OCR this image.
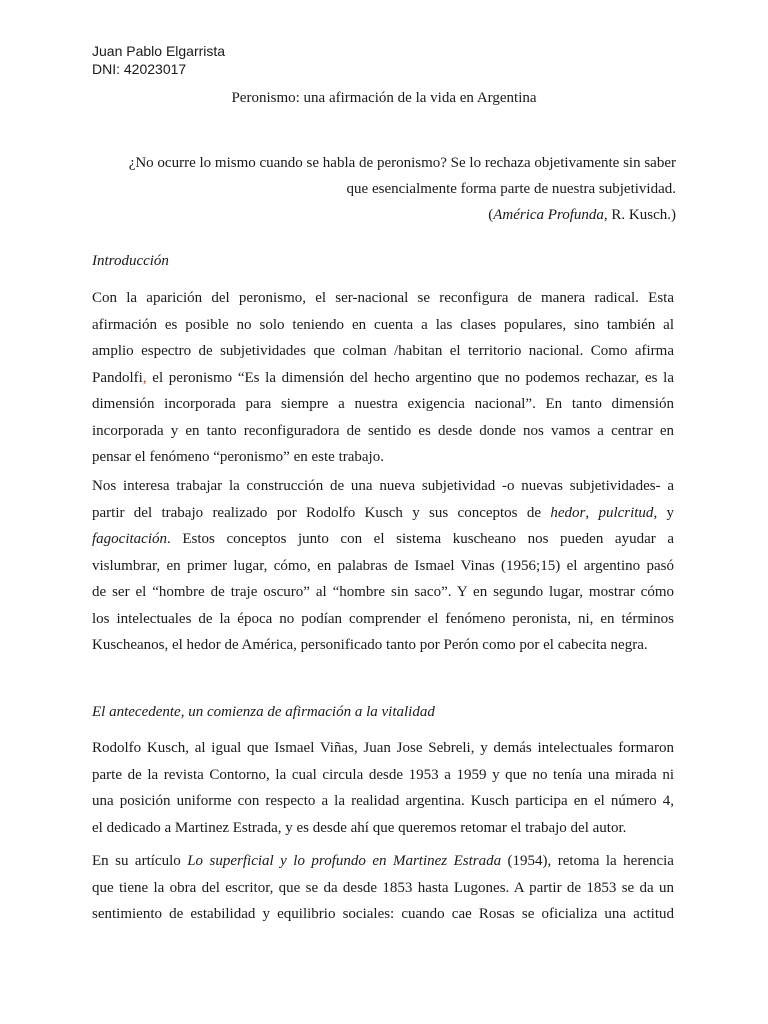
Juan Pablo Elgarrista
DNI: 42023017
Peronismo: una afirmación de la vida en Argentina
¿No ocurre lo mismo cuando se habla de peronismo? Se lo rechaza objetivamente sin saber
que esencialmente forma parte de nuestra subjetividad.
(América Profunda, R. Kusch.)
Introducción
Con la aparición del peronismo, el ser-nacional se reconfigura de manera radical. Esta
afirmación es posible no solo teniendo en cuenta a las clases populares, sino también al
amplio espectro de subjetividades que colman /habitan el territorio nacional. Como afirma
Pandolfi, el peronismo “Es la dimensión del hecho argentino que no podemos rechazar, es la
dimensión incorporada para siempre a nuestra exigencia nacional”. En tanto dimensión
incorporada y en tanto reconfiguradora de sentido es desde donde nos vamos a centrar en
pensar el fenómeno “peronismo” en este trabajo.
Nos interesa trabajar la construcción de una nueva subjetividad -o nuevas subjetividades- a
partir del trabajo realizado por Rodolfo Kusch y sus conceptos de hedor, pulcritud, y
fagocitación. Estos conceptos junto con el sistema kuscheano nos pueden ayudar a
vislumbrar, en primer lugar, cómo, en palabras de Ismael Vinas (1956;15) el argentino pasó
de ser el “hombre de traje oscuro” al “hombre sin saco”. Y en segundo lugar, mostrar cómo
los intelectuales de la época no podían comprender el fenómeno peronista, ni, en términos
Kuscheanos, el hedor de América, personificado tanto por Perón como por el cabecita negra.
El antecedente, un comienza de afirmación a la vitalidad
Rodolfo Kusch, al igual que Ismael Viñas, Juan Jose Sebreli, y demás intelectuales formaron
parte de la revista Contorno, la cual circula desde 1953 a 1959 y que no tenía una mirada ni
una posición uniforme con respecto a la realidad argentina. Kusch participa en el número 4,
el dedicado a Martinez Estrada, y es desde ahí que queremos retomar el trabajo del autor.
En su artículo Lo superficial y lo profundo en Martinez Estrada (1954), retoma la herencia
que tiene la obra del escritor, que se da desde 1853 hasta Lugones. A partir de 1853 se da un
sentimiento de estabilidad y equilibrio sociales: cuando cae Rosas se oficializa una actitud
